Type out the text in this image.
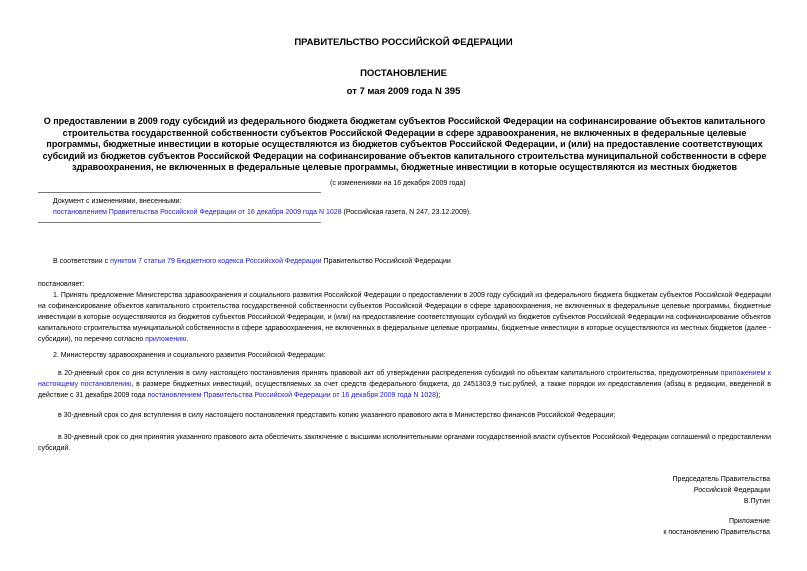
ПРАВИТЕЛЬСТВО РОССИЙСКОЙ ФЕДЕРАЦИИ
ПОСТАНОВЛЕНИЕ
от 7 мая 2009 года N 395
О предоставлении в 2009 году субсидий из федерального бюджета бюджетам субъектов Российской Федерации на софинансирование объектов капитального строительства государственной собственности субъектов Российской Федерации в сфере здравоохранения, не включенных в федеральные целевые программы, бюджетные инвестиции в которые осуществляются из бюджетов субъектов Российской Федерации, и (или) на предоставление соответствующих субсидий из бюджетов субъектов Российской Федерации на софинансирование объектов капитального строительства муниципальной собственности в сфере здравоохранения, не включенных в федеральные целевые программы, бюджетные инвестиции в которые осуществляются из местных бюджетов
(с изменениями на 16 декабря 2009 года)
Документ с изменениями, внесенными:
постановлением Правительства Российской Федерации от 16 декабря 2009 года N 1028 (Российская газета, N 247, 23.12.2009).
В соответствии с пунктом 7 статьи 79 Бюджетного кодекса Российской Федерации Правительство Российской Федерации
постановляет:
1. Принять предложение Министерства здравоохранения и социального развития Российской Федерации о предоставлении в 2009 году субсидий из федерального бюджета бюджетам субъектов Российской Федерации на софинансирование объектов капитального строительства государственной собственности субъектов Российской Федерации в сфере здравоохранения, не включенных в федеральные целевые программы, бюджетные инвестиции в которые осуществляются из бюджетов субъектов Российской Федерации, и (или) на предоставление соответствующих субсидий из бюджетов субъектов Российской Федерации на софинансирование объектов капитального строительства муниципальной собственности в сфере здравоохранения, не включенных в федеральные целевые программы, бюджетные инвестиции в которые осуществляются из местных бюджетов (далее - субсидии), по перечню согласно приложению.
2. Министерству здравоохранения и социального развития Российской Федерации:
в 20-дневный срок со дня вступления в силу настоящего постановления принять правовой акт об утверждении распределения субсидий по объектам капитального строительства, предусмотренным приложением к настоящему постановлению, в размере бюджетных инвестиций, осуществляемых за счет средств федерального бюджета, до 2451303,9 тыс.рублей, а также порядок их предоставления (абзац в редакции, введенной в действие с 31 декабря 2009 года постановлением Правительства Российской Федерации от 16 декабря 2009 года N 1028);
в 30-дневный срок со дня вступления в силу настоящего постановления представить копию указанного правового акта в Министерство финансов Российской Федерации;
в 30-дневный срок со дня принятия указанного правового акта обеспечить заключение с высшими исполнительными органами государственной власти субъектов Российской Федерации соглашений о предоставлении субсидий.
Председатель Правительства
Российской Федерации
В.Путин
Приложение
к постановлению Правительства
